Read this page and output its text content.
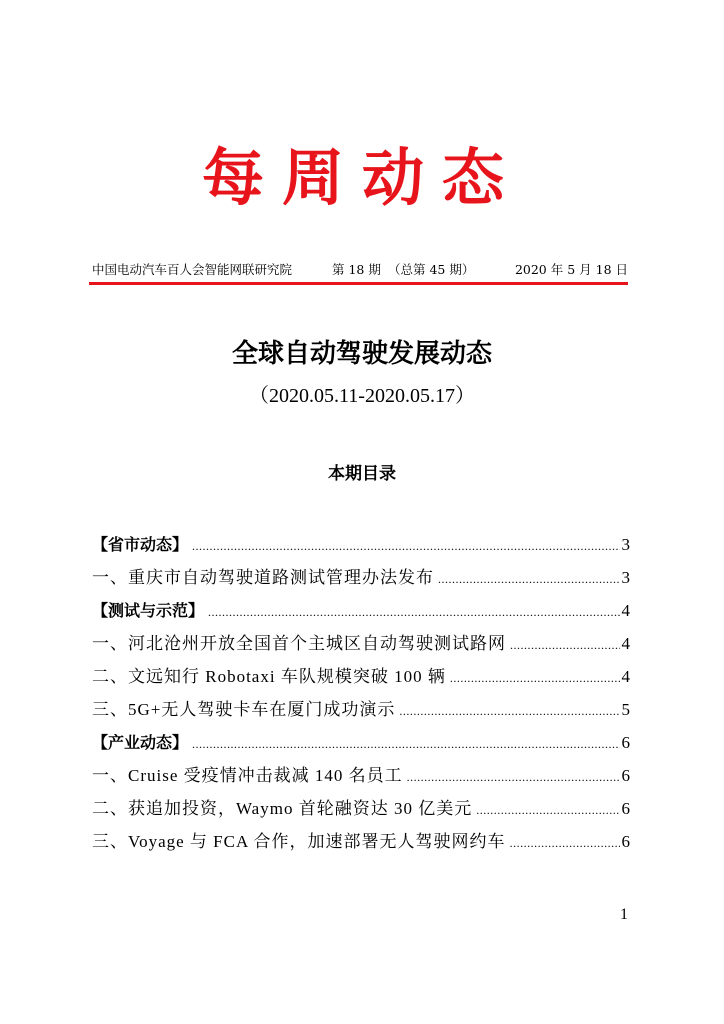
每周动态
中国电动汽车百人会智能网联研究院	第 18 期 （总第 45 期）	2020 年 5 月 18 日
全球自动驾驶发展动态
（2020.05.11-2020.05.17）
本期目录
【省市动态】 .....	3
一、重庆市自动驾驶道路测试管理办法发布 .....	3
【测试与示范】 .....	4
一、河北沧州开放全国首个主城区自动驾驶测试路网 .....	4
二、文远知行 Robotaxi 车队规模突破 100 辆 .....	4
三、5G+无人驾驶卡车在厦门成功演示 .....	5
【产业动态】 .....	6
一、Cruise 受疫情冲击裁减 140 名员工 .....	6
二、获追加投资，Waymo 首轮融资达 30 亿美元 .....	6
三、Voyage 与 FCA 合作，加速部署无人驾驶网约车 .....	6
1
